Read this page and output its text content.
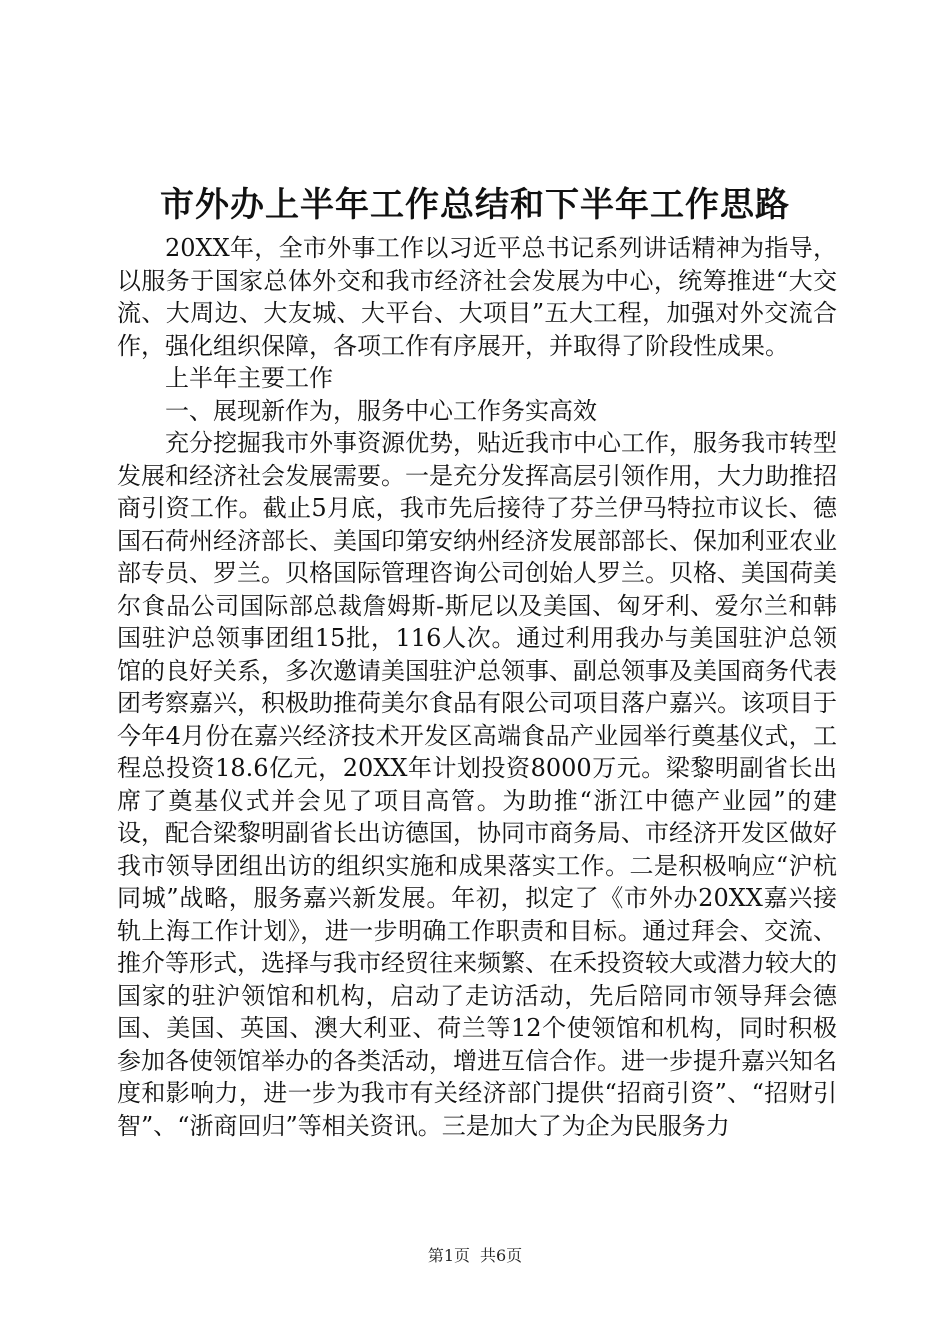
市外办上半年工作总结和下半年工作思路

20XX年，全市外事工作以习近平总书记系列讲话精神为指导，以服务于国家总体外交和我市经济社会发展为中心，统筹推进“大交流、大周边、大友城、大平台、大项目”五大工程，加强对外交流合作，强化组织保障，各项工作有序展开，并取得了阶段性成果。

上半年主要工作

一、展现新作为，服务中心工作务实高效

充分挖掘我市外事资源优势，贴近我市中心工作，服务我市转型发展和经济社会发展需要。一是充分发挥高层引领作用，大力助推招商引资工作。截止5月底，我市先后接待了芬兰伊马特拉市议长、德国石荷州经济部长、美国印第安纳州经济发展部部长、保加利亚农业部专员、罗兰。贝格国际管理咨询公司创始人罗兰。贝格、美国荷美尔食品公司国际部总裁詹姆斯-斯尼以及美国、匈牙利、爱尔兰和韩国驻沪总领事团组15批，116人次。通过利用我办与美国驻沪总领馆的良好关系，多次邀请美国驻沪总领事、副总领事及美国商务代表团考察嘉兴，积极助推荷美尔食品有限公司项目落户嘉兴。该项目于今年4月份在嘉兴经济技术开发区高端食品产业园举行奠基仪式，工程总投资18.6亿元，20XX年计划投资8000万元。梁黎明副省长出席了奠基仪式并会见了项目高管。为助推“浙江中德产业园”的建设，配合梁黎明副省长出访德国，协同市商务局、市经济开发区做好我市领导团组出访的组织实施和成果落实工作。二是积极响应“沪杭同城”战略，服务嘉兴新发展。年初，拟定了《市外办20XX嘉兴接轨上海工作计划》，进一步明确工作职责和目标。通过拜会、交流、推介等形式，选择与我市经贸往来频繁、在禾投资较大或潜力较大的国家的驻沪领馆和机构，启动了走访活动，先后陪同市领导拜会德国、美国、英国、澳大利亚、荷兰等12个使领馆和机构，同时积极参加各使领馆举办的各类活动，增进互信合作。进一步提升嘉兴知名度和影响力，进一步为我市有关经济部门提供“招商引资”、“招财引智”、“浙商回归”等相关资讯。三是加大了为企为民服务力

第1页 共6页
